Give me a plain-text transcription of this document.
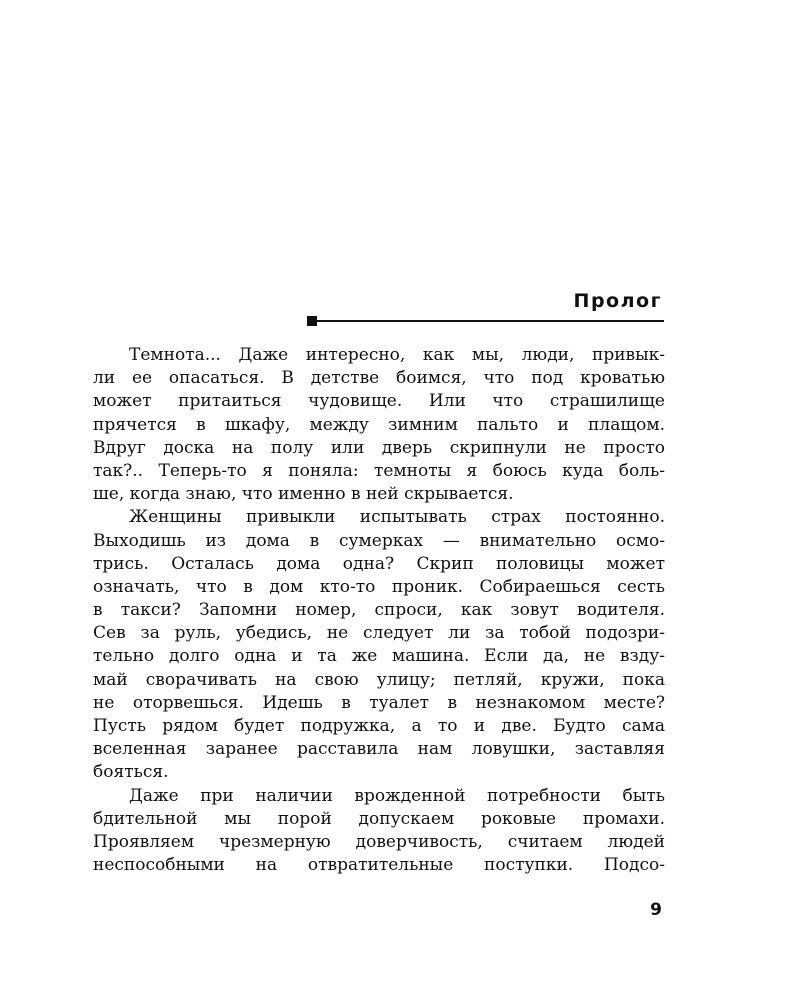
Пролог
Темнота... Даже интересно, как мы, люди, привык-
ли ее опасаться. В детстве боимся, что под кроватью
может притаиться чудовище. Или что страшилище
прячется в шкафу, между зимним пальто и плащом.
Вдруг доска на полу или дверь скрипнули не просто
так?.. Теперь-то я поняла: темноты я боюсь куда боль-
ше, когда знаю, что именно в ней скрывается.
Женщины привыкли испытывать страх постоянно.
Выходишь из дома в сумерках — внимательно осмо-
трись. Осталась дома одна? Скрип половицы может
означать, что в дом кто-то проник. Собираешься сесть
в такси? Запомни номер, спроси, как зовут водителя.
Сев за руль, убедись, не следует ли за тобой подозри-
тельно долго одна и та же машина. Если да, не взду-
май сворачивать на свою улицу; петляй, кружи, пока
не оторвешься. Идешь в туалет в незнакомом месте?
Пусть рядом будет подружка, а то и две. Будто сама
вселенная заранее расставила нам ловушки, заставляя
бояться.
Даже при наличии врожденной потребности быть
бдительной мы порой допускаем роковые промахи.
Проявляем чрезмерную доверчивость, считаем людей
неспособными на отвратительные поступки. Подсо-
9
